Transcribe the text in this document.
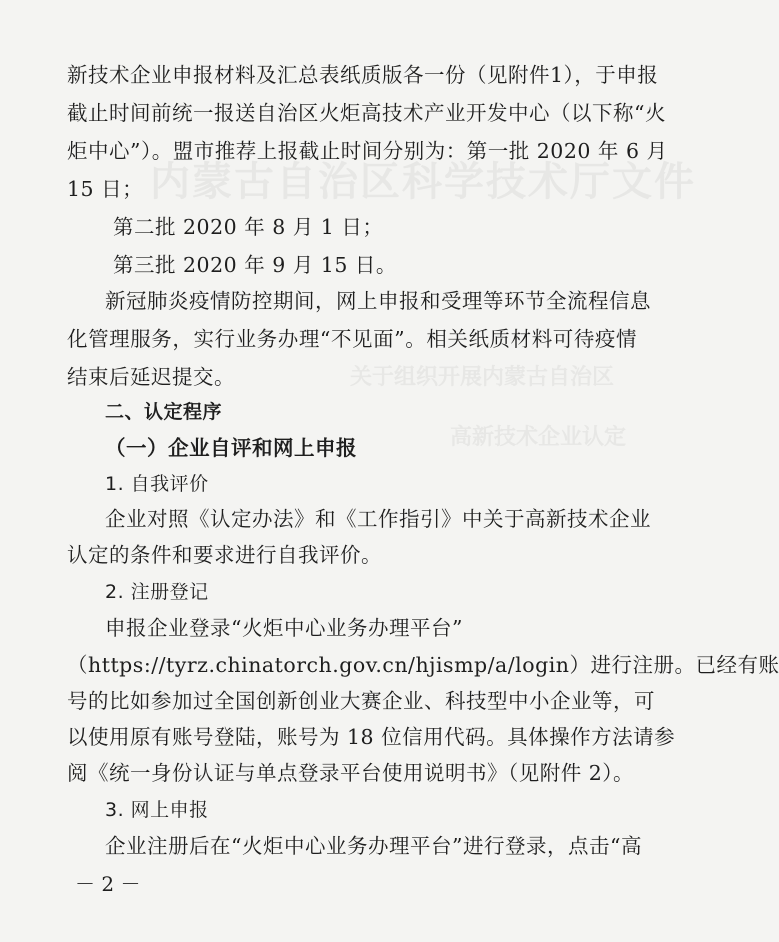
内蒙古自治区科学技术厅文件
关于组织开展内蒙古自治区
高新技术企业认定
新技术企业申报材料及汇总表纸质版各一份（见附件1），于申报
截止时间前统一报送自治区火炬高技术产业开发中心（以下称“火
炬中心”）。盟市推荐上报截止时间分别为：第一批 2020 年 6 月
15 日；
第二批 2020 年 8 月 1 日；
第三批 2020 年 9 月 15 日。
新冠肺炎疫情防控期间，网上申报和受理等环节全流程信息
化管理服务，实行业务办理“不见面”。相关纸质材料可待疫情
结束后延迟提交。
二、认定程序
（一）企业自评和网上申报
1. 自我评价
企业对照《认定办法》和《工作指引》中关于高新技术企业
认定的条件和要求进行自我评价。
2. 注册登记
申报企业登录“火炬中心业务办理平台”
（https://tyrz.chinatorch.gov.cn/hjismp/a/login）进行注册。已经有账
号的比如参加过全国创新创业大赛企业、科技型中小企业等，可
以使用原有账号登陆，账号为 18 位信用代码。具体操作方法请参
阅《统一身份认证与单点登录平台使用说明书》（见附件 2）。
3. 网上申报
企业注册后在“火炬中心业务办理平台”进行登录，点击“高
－ 2 －
